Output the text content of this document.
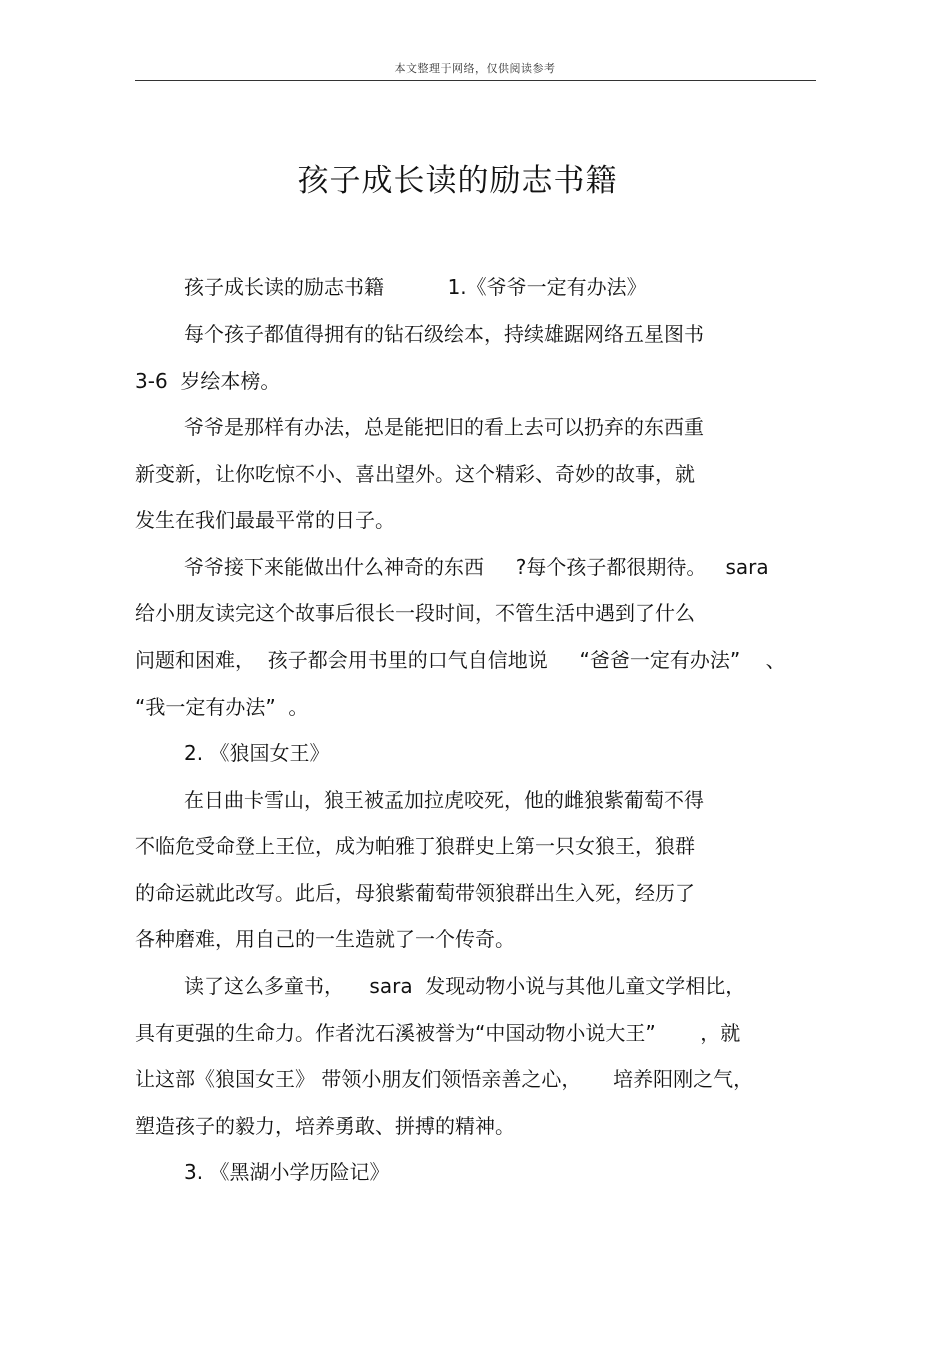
本文整理于网络，仅供阅读参考
孩子成长读的励志书籍
孩子成长读的励志书籍          1.《爷爷一定有办法》
每个孩子都值得拥有的钻石级绘本，持续雄踞网络五星图书
3-6  岁绘本榜。
爷爷是那样有办法，总是能把旧的看上去可以扔弃的东西重
新变新，让你吃惊不小、喜出望外。这个精彩、奇妙的故事，就
发生在我们最最平常的日子。
爷爷接下来能做出什么神奇的东西     ?每个孩子都很期待。   sara
给小朋友读完这个故事后很长一段时间，不管生活中遇到了什么
问题和困难，  孩子都会用书里的口气自信地说     “爸爸一定有办法”    、
“我一定有办法”  。
2. 《狼国女王》
在日曲卡雪山，狼王被孟加拉虎咬死，他的雌狼紫葡萄不得
不临危受命登上王位，成为帕雅丁狼群史上第一只女狼王，狼群
的命运就此改写。此后，母狼紫葡萄带领狼群出生入死，经历了
各种磨难，用自己的一生造就了一个传奇。
读了这么多童书，    sara  发现动物小说与其他儿童文学相比，
具有更强的生命力。作者沈石溪被誉为“中国动物小说大王”       ，就
让这部《狼国女王》 带领小朋友们领悟亲善之心，     培养阳刚之气，
塑造孩子的毅力，培养勇敢、拼搏的精神。
3. 《黑湖小学历险记》
